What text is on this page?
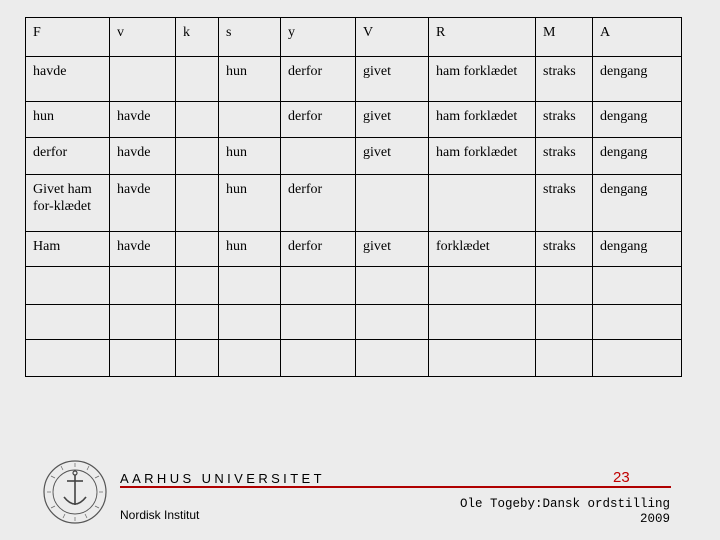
F	v	k	s	y	V	R	M	A
havde			hun	derfor	givet	ham forklædet	straks	dengang
hun	havde			derfor	givet	ham forklædet	straks	dengang
derfor	havde		hun		givet	ham forklædet	straks	dengang
Givet ham for-klædet	havde		hun	derfor			straks	dengang
Ham	havde		hun	derfor	givet	forklædet	straks	dengang

AARHUS UNIVERSITET	23
Nordisk Institut
Ole Togeby:Dansk ordstilling
2009
